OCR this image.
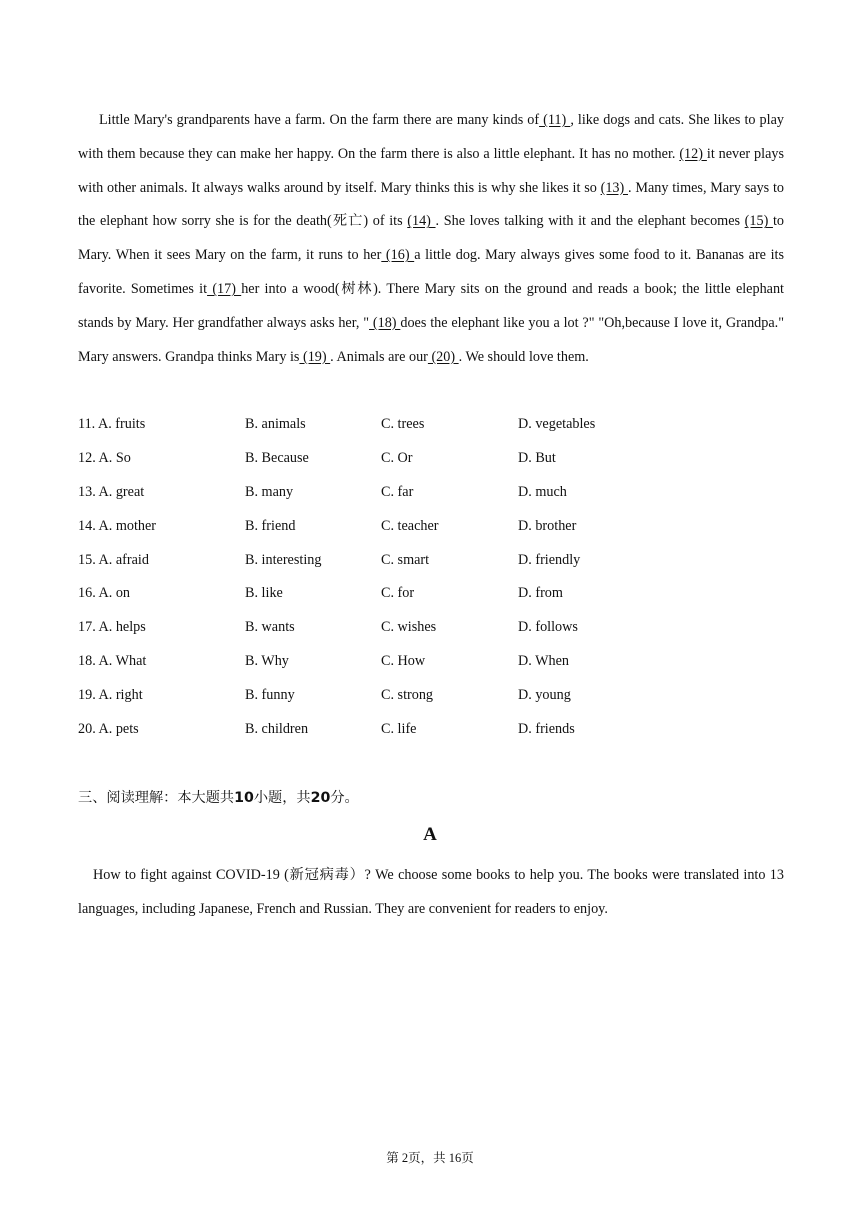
Little Mary's grandparents have a farm. On the farm there are many kinds of (11) , like dogs and cats. She likes to play with them because they can make her happy. On the farm there is also a little elephant. It has no mother. (12) it never plays with other animals. It always walks around by itself. Mary thinks this is why she likes it so (13) . Many times, Mary says to the elephant how sorry she is for the death(死亡) of its (14) . She loves talking with it and the elephant becomes (15) to Mary. When it sees Mary on the farm, it runs to her (16) a little dog. Mary always gives some food to it. Bananas are its favorite. Sometimes it (17) her into a wood(树林). There Mary sits on the ground and reads a book; the little elephant stands by Mary. Her grandfather always asks her, " (18) does the elephant like you a lot ?" "Oh,because I love it, Grandpa." Mary answers. Grandpa thinks Mary is (19) . Animals are our (20) . We should love them.

11. A. fruits	B. animals	C. trees	D. vegetables
12. A. So	B. Because	C. Or	D. But
13. A. great	B. many	C. far	D. much
14. A. mother	B. friend	C. teacher	D. brother
15. A. afraid	B. interesting	C. smart	D. friendly
16. A. on	B. like	C. for	D. from
17. A. helps	B. wants	C. wishes	D. follows
18. A. What	B. Why	C. How	D. When
19. A. right	B. funny	C. strong	D. young
20. A. pets	B. children	C. life	D. friends
三、阅读理解：本大题共10小题，共20分。
A

How to fight against COVID-19 (新冠病毒）? We choose some books to help you. The books were translated into 13 languages, including Japanese, French and Russian. They are convenient for readers to enjoy.

第 2页，共 16页
